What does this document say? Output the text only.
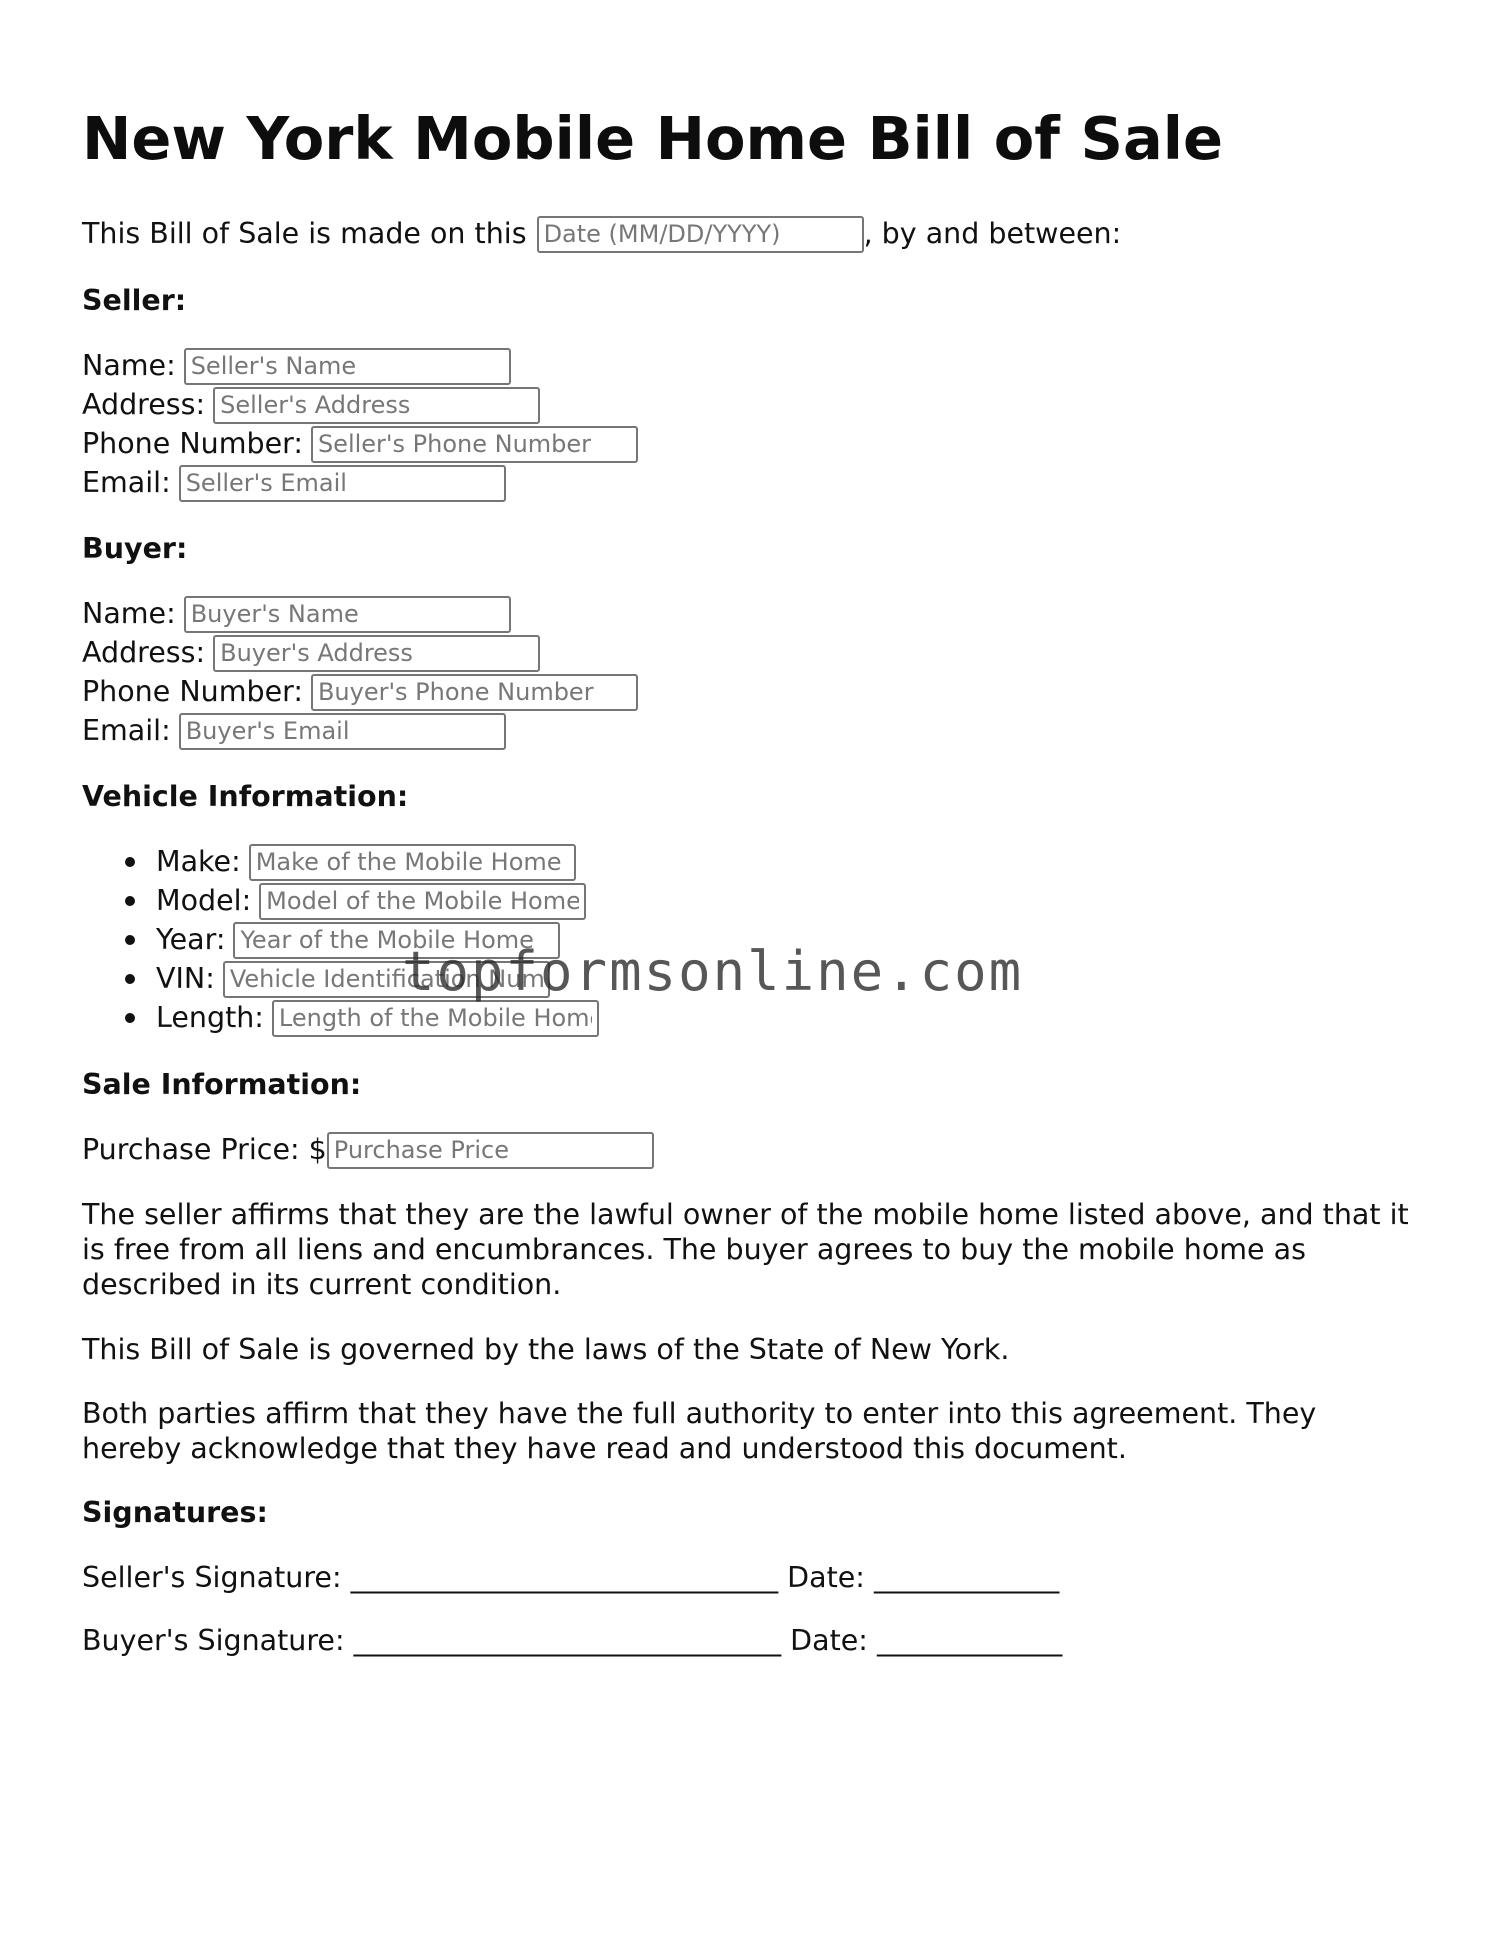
New York Mobile Home Bill of Sale
This Bill of Sale is made on this
Date (MM/DD/YYYY)	, by and between:
Seller:
Name:
Seller's Name
Address:
Seller's Address
Phone Number:
Seller's Phone Number
Email:
Seller's Email
Buyer:
Name:
Buyer's Name
Address:
Buyer's Address
Phone Number:
Buyer's Phone Number
Email:
Buyer's Email
Vehicle Information:
Make:
Make of the Mobile Home
Model:
Model of the Mobile Home
Year:
Year of the Mobile Home
VIN:
Vehicle Identification Num
Length:
Length of the Mobile Home
Sale Information:
Purchase Price: $
Purchase Price

The seller affirms that they are the lawful owner of the mobile home listed above, and that it is free from all liens and encumbrances. The buyer agrees to buy the mobile home as described in its current condition.

This Bill of Sale is governed by the laws of the State of New York.

Both parties affirm that they have the full authority to enter into this agreement. They hereby acknowledge that they have read and understood this document.

Signatures:
Seller's Signature: ______________________________ Date: _____________
Buyer's Signature: ______________________________ Date: _____________
topformsonline.com
